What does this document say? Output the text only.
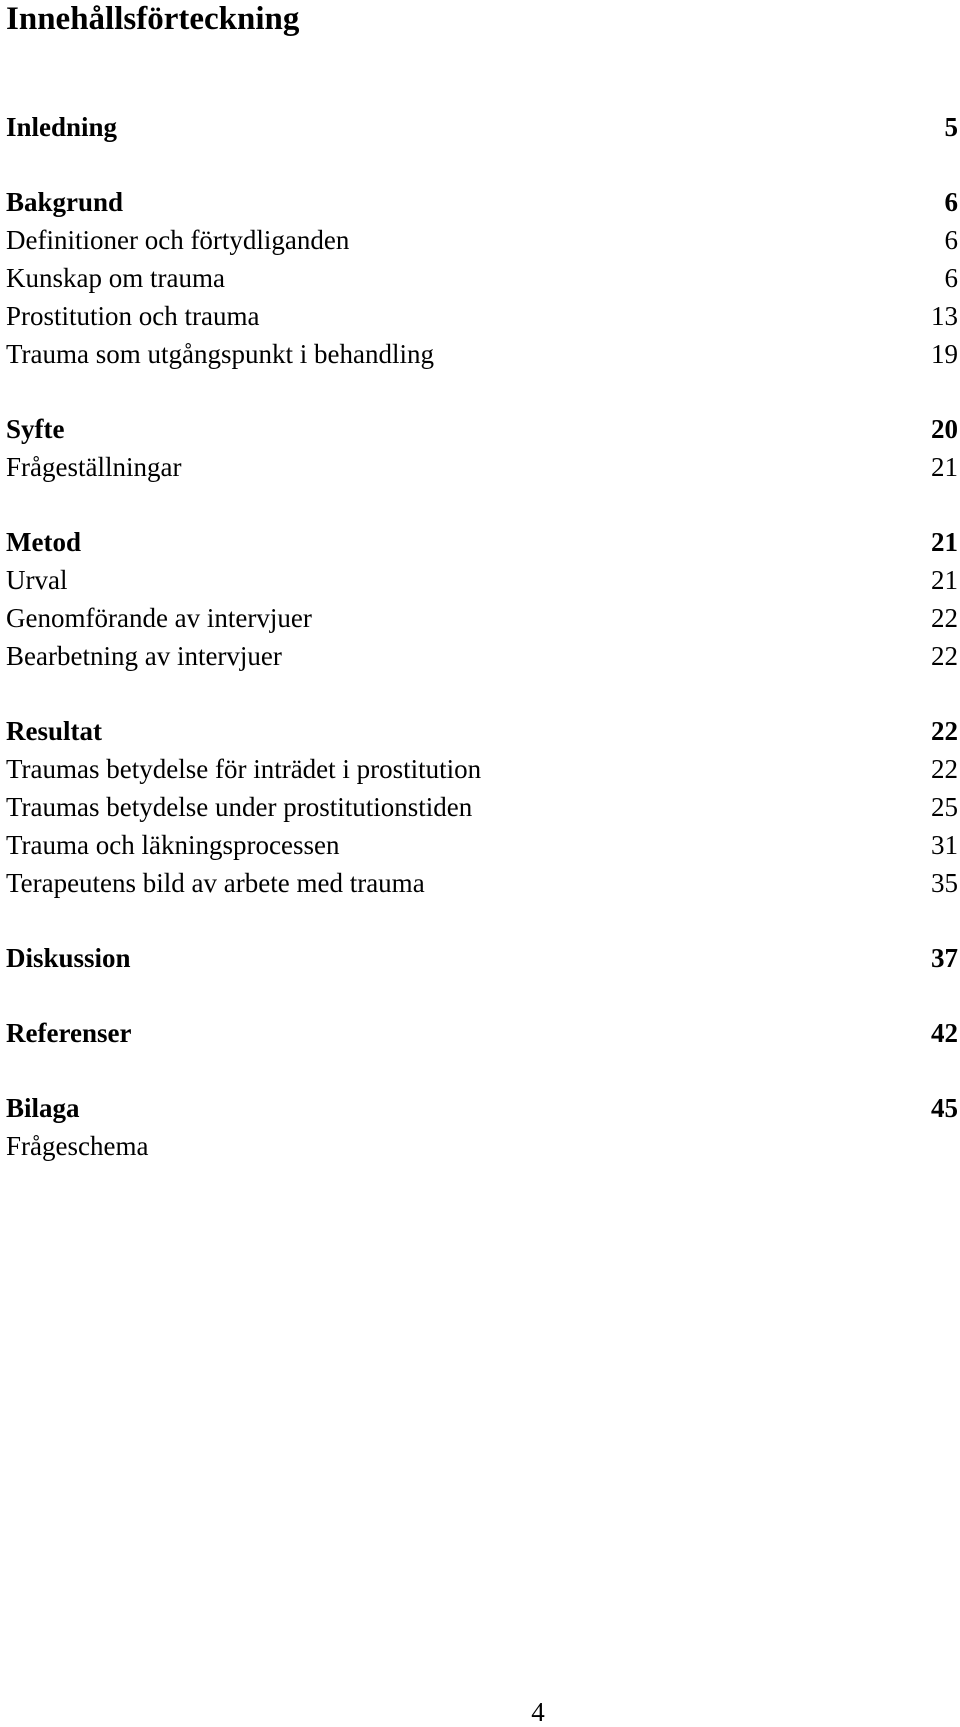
Innehållsförteckning
Inledning	5
Bakgrund	6
Definitioner och förtydliganden	6
Kunskap om trauma	6
Prostitution och trauma	13
Trauma som utgångspunkt i behandling	19
Syfte	20
Frågeställningar	21
Metod	21
Urval	21
Genomförande av intervjuer	22
Bearbetning av intervjuer	22
Resultat	22
Traumas betydelse för inträdet i prostitution	22
Traumas betydelse under prostitutionstiden	25
Trauma och läkningsprocessen	31
Terapeutens bild av arbete med trauma	35
Diskussion	37
Referenser	42
Bilaga	45
Frågeschema
4
